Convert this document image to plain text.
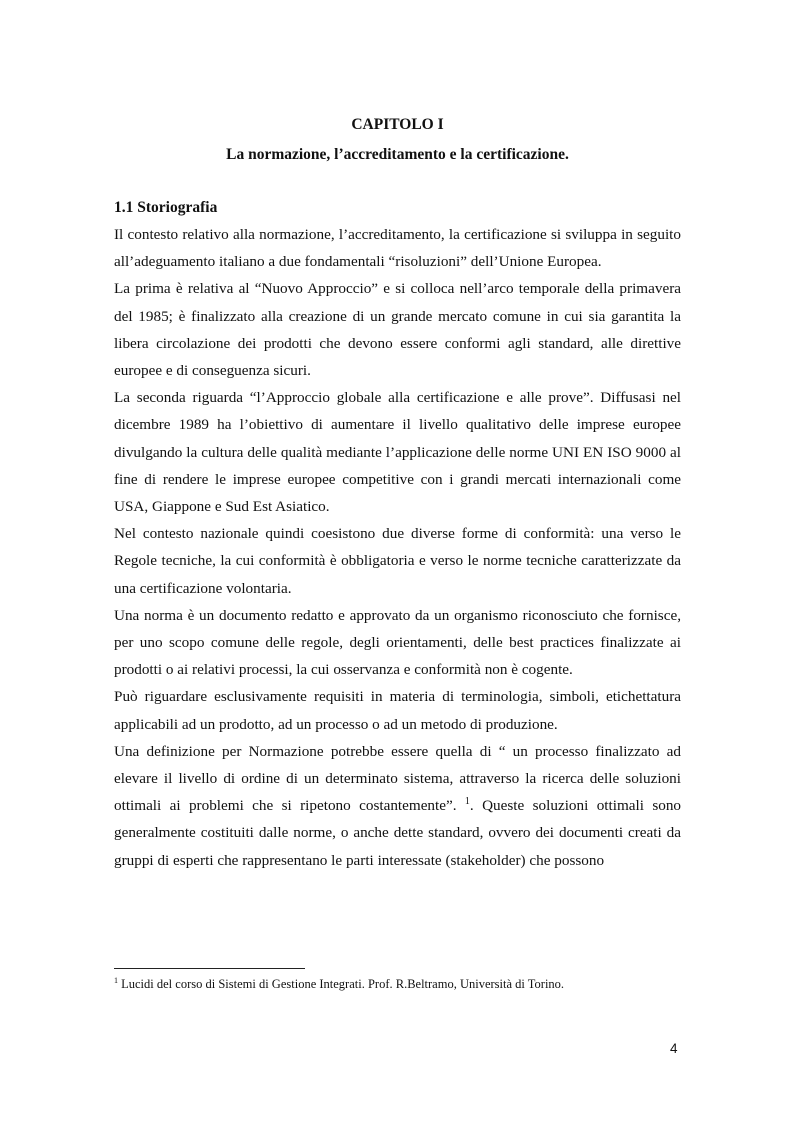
CAPITOLO I
La normazione, l’accreditamento e la certificazione.
1.1 Storiografia

Il contesto relativo alla normazione, l’accreditamento, la certificazione si sviluppa in seguito all’adeguamento italiano a due fondamentali “risoluzioni” dell’Unione Europea.

La prima è relativa al “Nuovo Approccio” e si colloca nell’arco temporale della primavera del 1985; è finalizzato alla creazione di un grande mercato comune in cui sia garantita la libera circolazione dei prodotti che devono essere conformi agli standard, alle direttive europee e di conseguenza sicuri.

La seconda riguarda “l’Approccio globale alla certificazione e alle prove”. Diffusasi nel dicembre 1989 ha l’obiettivo di aumentare il livello qualitativo delle imprese europee divulgando la cultura delle qualità mediante l’applicazione delle norme UNI EN ISO 9000 al fine di rendere le imprese europee competitive con i grandi mercati internazionali come USA, Giappone e Sud Est Asiatico.

Nel contesto nazionale quindi coesistono due diverse forme di conformità: una verso le Regole tecniche, la cui conformità è obbligatoria e verso le norme tecniche caratterizzate da una certificazione volontaria.

Una norma è un documento redatto e approvato da un organismo riconosciuto che fornisce, per uno scopo comune delle regole, degli orientamenti, delle best practices finalizzate ai prodotti o ai relativi processi, la cui osservanza e conformità non è cogente.

Può riguardare esclusivamente requisiti in materia di terminologia, simboli, etichettatura applicabili ad un prodotto, ad un processo o ad un metodo di produzione.

Una definizione per Normazione potrebbe essere quella di “ un processo finalizzato ad elevare il livello di ordine di un determinato sistema, attraverso la ricerca delle soluzioni ottimali ai problemi che si ripetono costantemente”. $^1$. Queste soluzioni ottimali sono generalmente costituiti dalle norme, o anche dette standard, ovvero dei documenti creati da gruppi di esperti che rappresentano le parti interessate (stakeholder) che possono

$^1$ Lucidi del corso di Sistemi di Gestione Integrati. Prof. R.Beltramo, Università di Torino.
4
